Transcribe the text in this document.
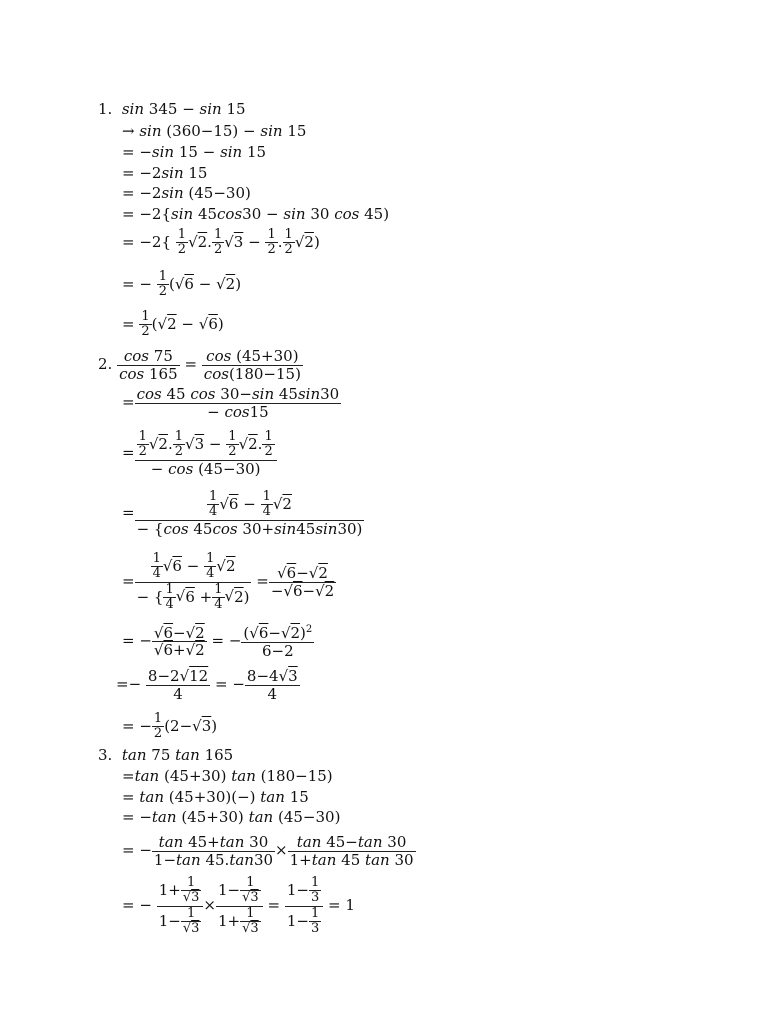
1. sin 345 − sin 15
→ sin (360−15) − sin 15
= −sin 15 − sin 15
= −2sin 15
= −2sin (45−30)
= −2{sin 45cos30 − sin 30 cos 45)
= $-2\{ \frac{1}{2}$ √ 2. $\frac{1}{2}$ √ $3 - \frac{1}{2}$ . $\frac{1}{2}$ √ 2)
= − $\frac{1}{2}$ ( √ 6 − √ 2)
= $\frac{1}{2}$ ( √ 2 − √ 6)
2. $\frac{\cos 75}{\cos 165} = \frac{\cos (45+30)}{\cos(180-15)}$
= $\frac{\cos 45 \cos 30-\sin 45\sin 30}{- \cos 15}$
= $\frac{\frac{1}{2} √ 2. \frac{1}{2} √ 3 - \frac{1}{2} √ 2. \frac{1}{2}}{- \cos (45-30)}$
= $\frac{\frac{1}{4} √ 6 - \frac{1}{4} √ 2}{- \{\cos 45\cos 30+\sin 45\sin 30)}$
= $\frac{\frac{1}{4} √ 6 - \frac{1}{4} √ 2}{- \{ \frac{1}{4} √ 6 + \frac{1}{4} √ 2)}$ = √ $\frac{6- √ 2}{- √ 6- √ 2}$
= − √ 6− √ 2
√ 6+ √ 2 = − $\frac{( √ 6- √ 2)^2}{6-2}$
=− $\frac{8-2 √ 12}{4}$ = − $\frac{8-4 √ 3}{4}$
= − $\frac{1}{2} (2-$ √ 3)
3. tan 75 tan 165
=tan (45+30) tan (180−15)
= tan (45+30)(−) tan 15
= −tan (45+30) tan (45−30)
= − $\frac{\tan 45+\tan 30}{1-\tan 45.\tan 30} \times \frac{\tan 45-\tan 30}{1+\tan 45 \tan 30}$
= − 1+ 1
√ 3
1− 1
√ 3 × 1− 1
√ 3
1+ 1
√ $3 = \frac{1- \frac{1}{3}}{1- \frac{1}{3}} = 1$
